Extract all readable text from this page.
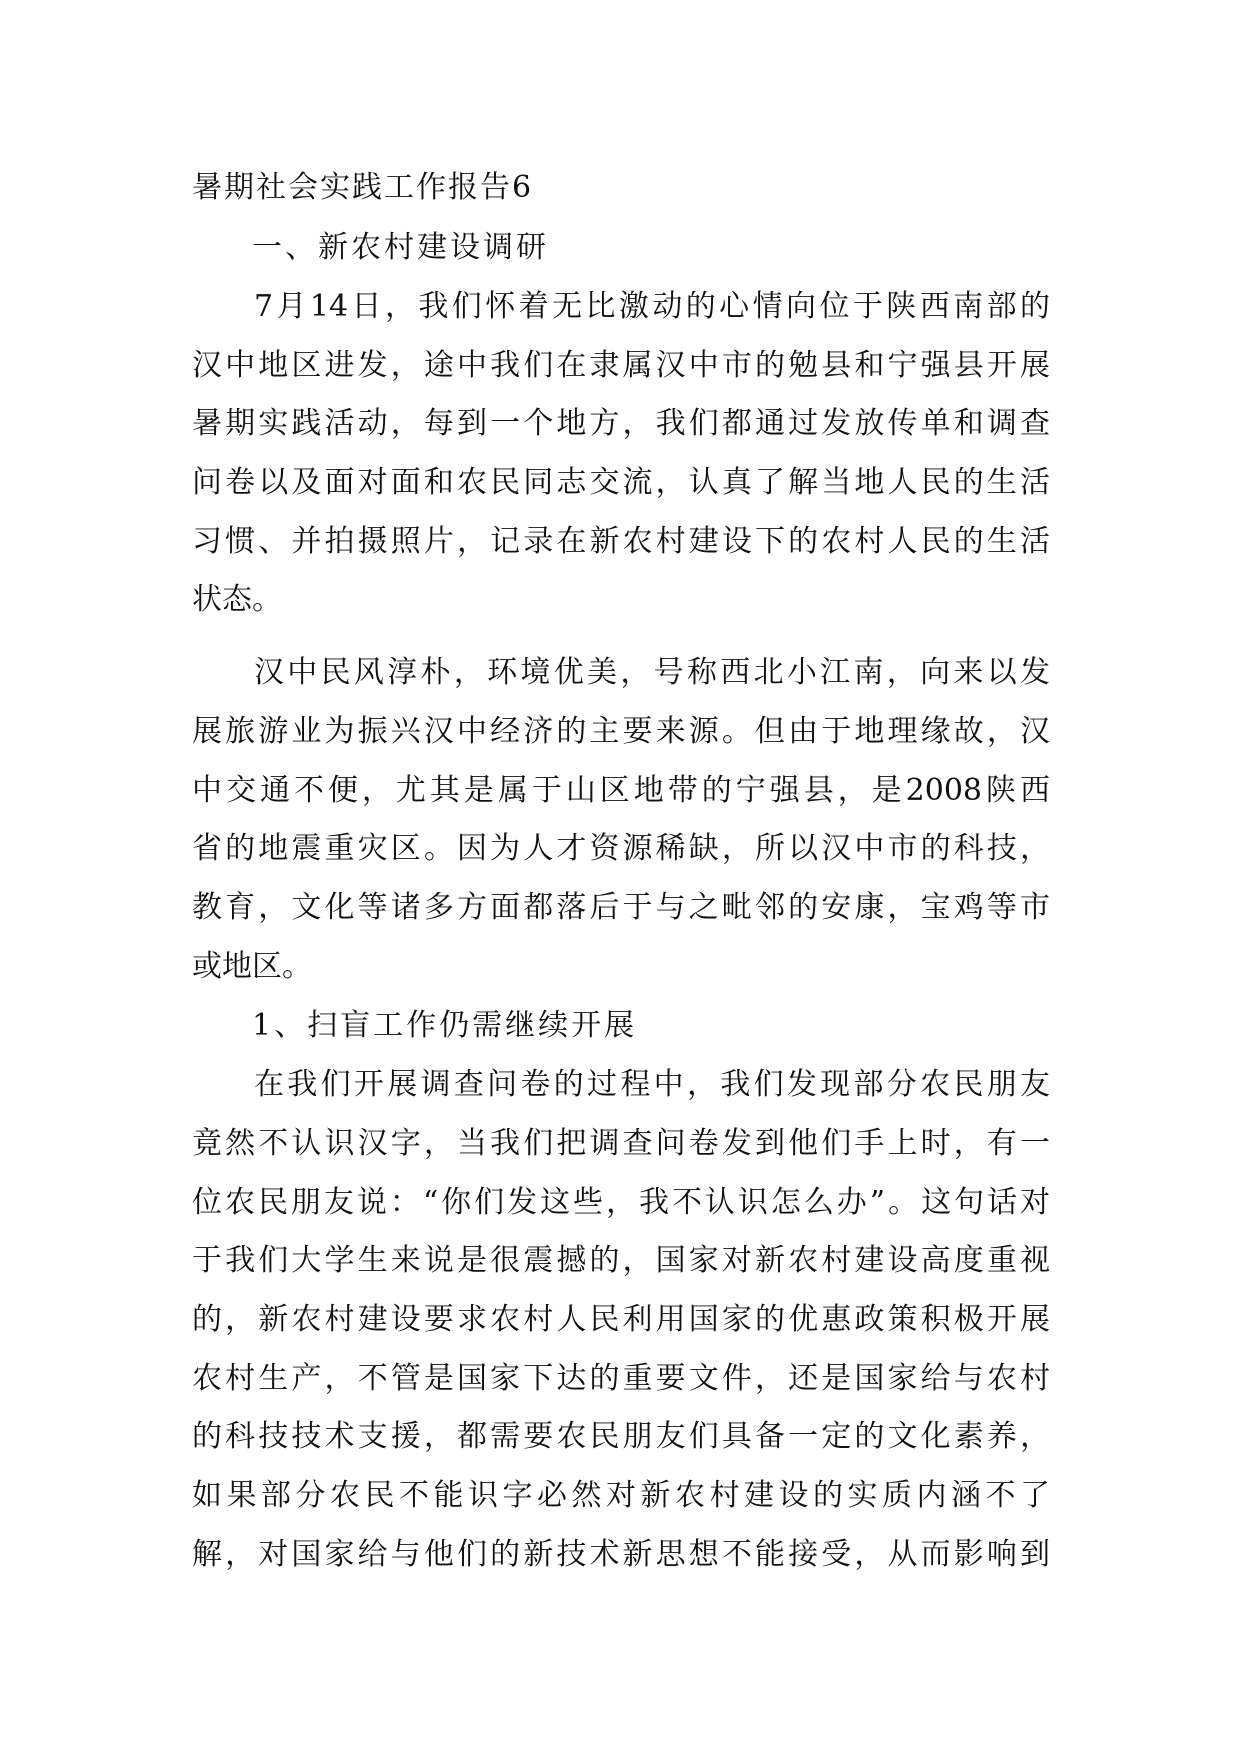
暑期社会实践工作报告6
一、新农村建设调研

7月14日，我们怀着无比激动的心情向位于陕西南部的
汉中地区进发，途中我们在隶属汉中市的勉县和宁强县开展
暑期实践活动，每到一个地方，我们都通过发放传单和调查
问卷以及面对面和农民同志交流，认真了解当地人民的生活
习惯、并拍摄照片，记录在新农村建设下的农村人民的生活
状态。

汉中民风淳朴，环境优美，号称西北小江南，向来以发
展旅游业为振兴汉中经济的主要来源。但由于地理缘故，汉
中交通不便，尤其是属于山区地带的宁强县，是2008陕西
省的地震重灾区。因为人才资源稀缺，所以汉中市的科技，
教育，文化等诸多方面都落后于与之毗邻的安康，宝鸡等市
或地区。

1、扫盲工作仍需继续开展

在我们开展调查问卷的过程中，我们发现部分农民朋友
竟然不认识汉字，当我们把调查问卷发到他们手上时，有一
位农民朋友说：“你们发这些，我不认识怎么办”。这句话对
于我们大学生来说是很震撼的，国家对新农村建设高度重视
的，新农村建设要求农村人民利用国家的优惠政策积极开展
农村生产，不管是国家下达的重要文件，还是国家给与农村
的科技技术支援，都需要农民朋友们具备一定的文化素养，
如果部分农民不能识字必然对新农村建设的实质内涵不了
解，对国家给与他们的新技术新思想不能接受，从而影响到
